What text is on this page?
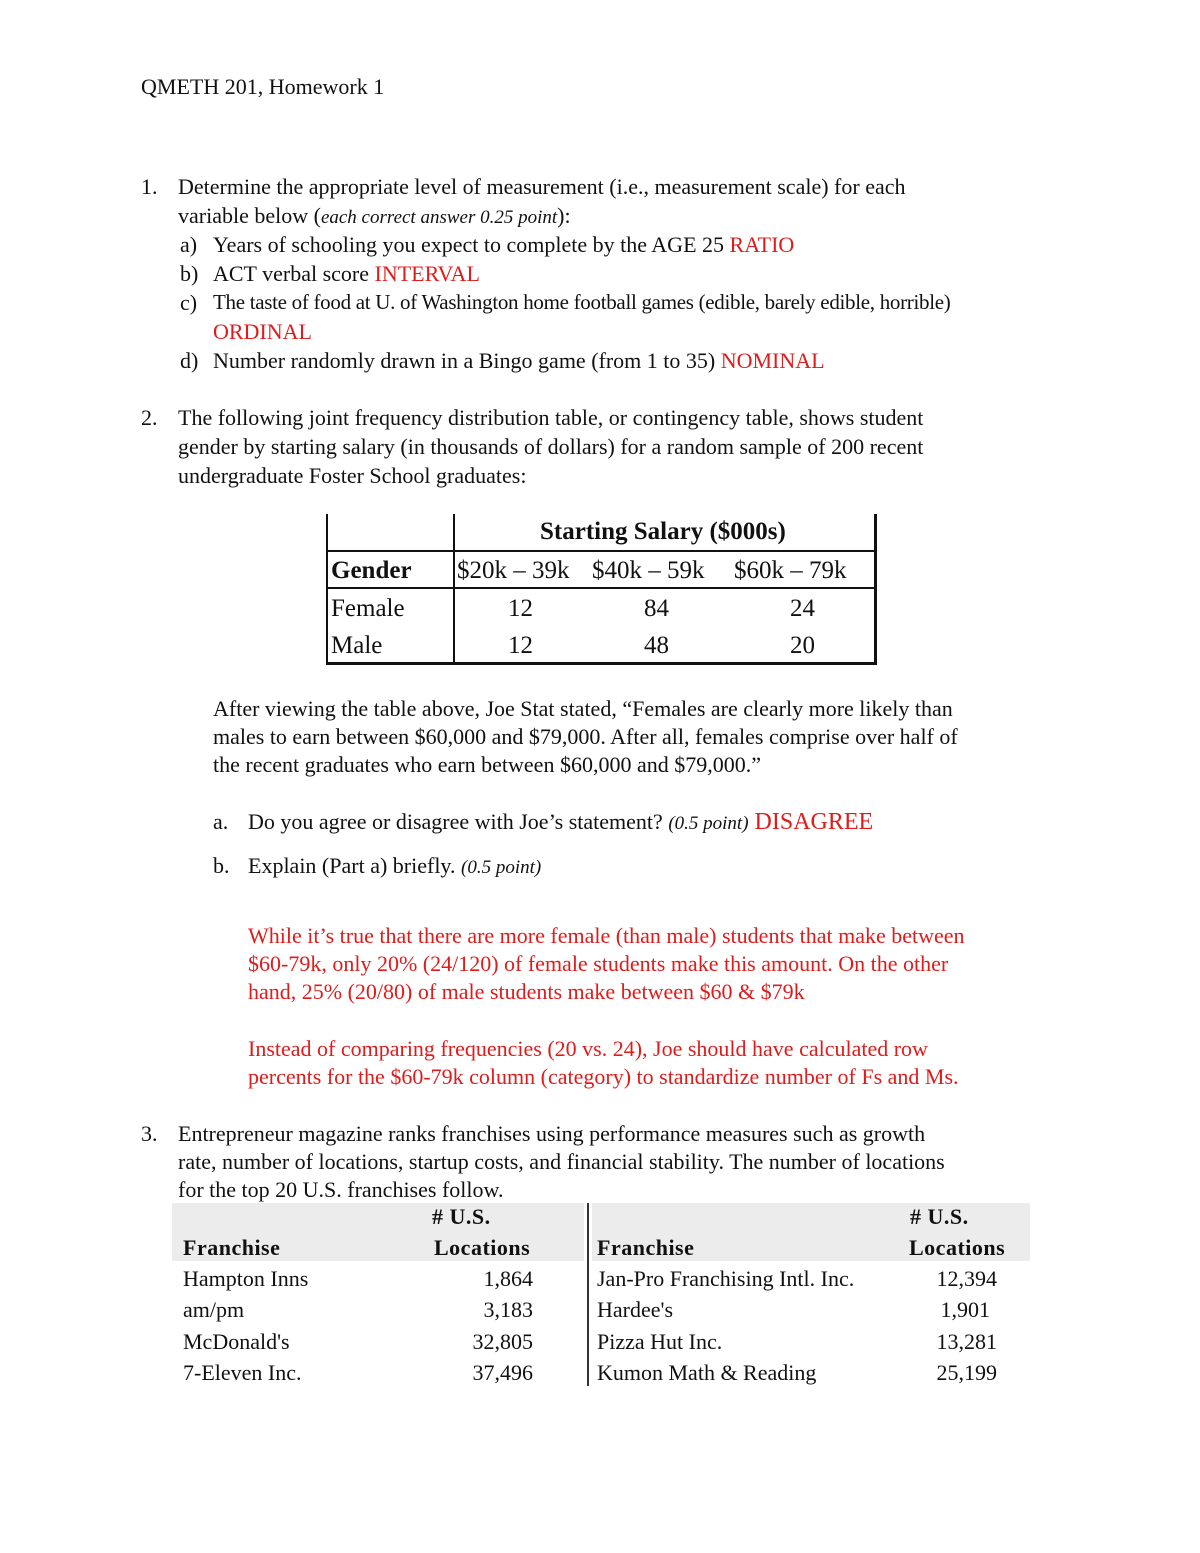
QMETH 201, Homework 1
1. Determine the appropriate level of measurement (i.e., measurement scale) for each
variable below (each correct answer 0.25 point):
a) Years of schooling you expect to complete by the AGE 25 RATIO
b) ACT verbal score INTERVAL
c) The taste of food at U. of Washington home football games (edible, barely edible, horrible)
ORDINAL
d) Number randomly drawn in a Bingo game (from 1 to 35) NOMINAL
2. The following joint frequency distribution table, or contingency table, shows student
gender by starting salary (in thousands of dollars) for a random sample of 200 recent
undergraduate Foster School graduates:
Starting Salary ($000s)
Gender $20k – 39k $40k – 59k $60k – 79k
Female	12	84	24
Male	12	48	20
After viewing the table above, Joe Stat stated, “Females are clearly more likely than
males to earn between $60,000 and $79,000. After all, females comprise over half of
the recent graduates who earn between $60,000 and $79,000.”
a. Do you agree or disagree with Joe’s statement? (0.5 point) DISAGREE
b. Explain (Part a) briefly. (0.5 point)
While it’s true that there are more female (than male) students that make between
$60-79k, only 20% (24/120) of female students make this amount. On the other
hand, 25% (20/80) of male students make between $60 & $79k
Instead of comparing frequencies (20 vs. 24), Joe should have calculated row
percents for the $60-79k column (category) to standardize number of Fs and Ms.
3. Entrepreneur magazine ranks franchises using performance measures such as growth
rate, number of locations, startup costs, and financial stability. The number of locations
for the top 20 U.S. franchises follow.
# U.S.
Franchise	Locations
# U.S.
Franchise	Locations
Hampton Inns	1,864
am/pm	3,183
McDonald's	32,805
7-Eleven Inc.	37,496
Jan-Pro Franchising Intl. Inc.	12,394
Hardee's	1,901
Pizza Hut Inc.	13,281
Kumon Math & Reading	25,199
